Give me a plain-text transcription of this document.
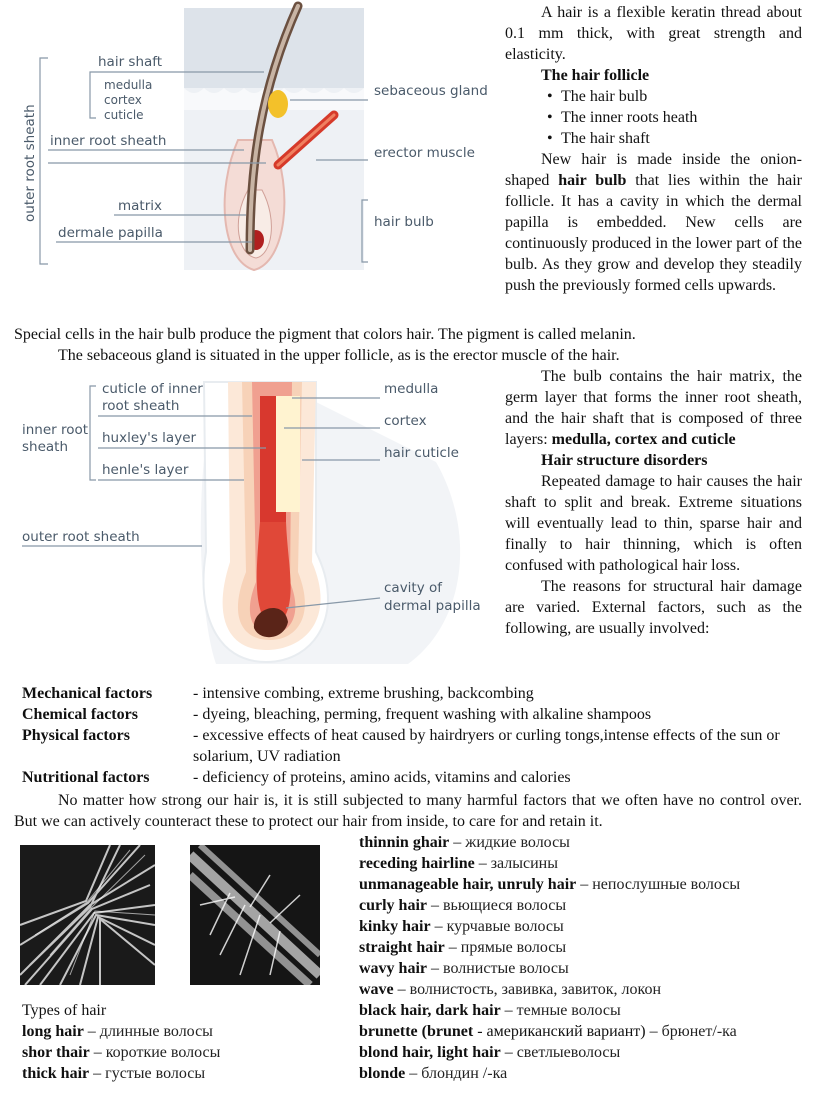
outer root sheath
hair shaft
medulla
cortex
cuticle
inner root sheath
matrix
dermale papilla
sebaceous gland
erector muscle
hair bulb
A hair is a flexible keratin thread about 0.1 mm thick, with great strength and elasticity.
The hair follicle
• The hair bulb
• The inner roots heath
• The hair shaft
New hair is made inside the onion-shaped hair bulb that lies within the hair follicle. It has a cavity in which the dermal papilla is embedded. New cells are continuously produced in the lower part of the bulb. As they grow and develop they steadily push the previously formed cells upwards.
Special cells in the hair bulb produce the pigment that colors hair. The pigment is called melanin.
The sebaceous gland is situated in the upper follicle, as is the erector muscle of the hair.
cuticle of inner
root sheath
inner root
sheath
huxley's layer
henle's layer
outer root sheath
medulla
cortex
hair cuticle
cavity of
dermal papilla
The bulb contains the hair matrix, the germ layer that forms the inner root sheath, and the hair shaft that is composed of three layers: medulla, cortex and cuticle
Hair structure disorders
Repeated damage to hair causes the hair shaft to split and break. Extreme situations will eventually lead to thin, sparse hair and finally to hair thinning, which is often confused with pathological hair loss.
The reasons for structural hair damage are varied. External factors, such as the following, are usually involved:
Mechanical factors	- intensive combing, extreme brushing, backcombing
Chemical factors	- dyeing, bleaching, perming, frequent washing with alkaline shampoos
Physical factors	- excessive effects of heat caused by hairdryers or curling tongs,intense effects of the sun or solarium, UV radiation
Nutritional factors	- deficiency of proteins, amino acids, vitamins and calories
No matter how strong our hair is, it is still subjected to many harmful factors that we often have no control over. But we can actively counteract these to protect our hair from inside, to care for and retain it.
Types of hair
long hair – длинные волосы
shor thair – короткие волосы
thick hair – густые волосы
thinnin ghair – жидкие волосы
receding hairline – залысины
unmanageable hair, unruly hair – непослушные волосы
curly hair – вьющиеся волосы
kinky hair – курчавые волосы
straight hair – прямые волосы
wavy hair – волнистые волосы
wave – волнистость, завивка, завиток, локон
black hair, dark hair – темные волосы
brunette (brunet - американский вариант) – брюнет/-ка
blond hair, light hair – светлыеволосы
blonde – блондин /-ка
